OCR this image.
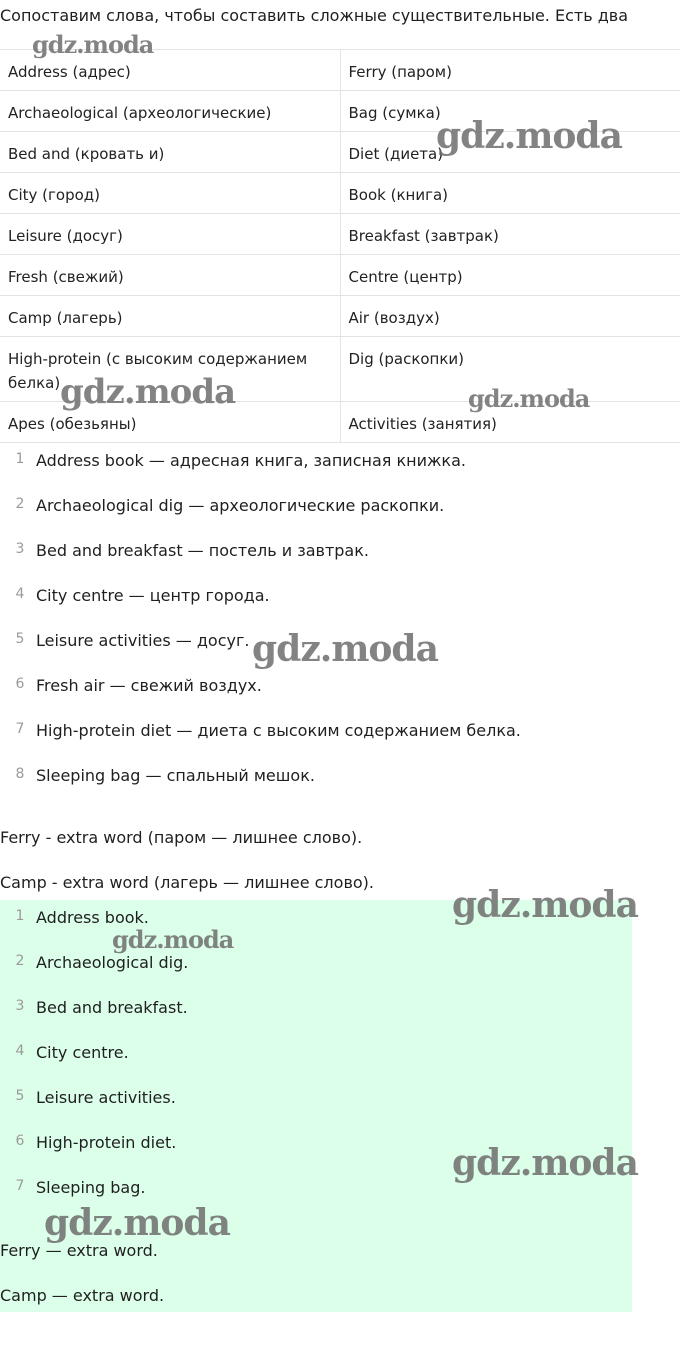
Сопоставим слова, чтобы составить сложные существительные. Есть два
Address (адрес)	Ferry (паром)
Archaeological (археологические)	Bag (сумка)
Bed and (кровать и)	Diet (диета)
City (город)	Book (книга)
Leisure (досуг)	Breakfast (завтрак)
Fresh (свежий)	Centre (центр)
Camp (лагерь)	Air (воздух)
High-protein (с высоким содержанием белка)	Dig (раскопки)
Apes (обезьяны)	Activities (занятия)
1 Address book — адресная книга, записная книжка.
2 Archaeological dig — археологические раскопки.
3 Bed and breakfast — постель и завтрак.
4 City centre — центр города.
5 Leisure activities — досуг.
6 Fresh air — свежий воздух.
7 High-protein diet — диета с высоким содержанием белка.
8 Sleeping bag — спальный мешок.
Ferry - extra word (паром — лишнее слово).
Camp - extra word (лагерь — лишнее слово).
1 Address book.
2 Archaeological dig.
3 Bed and breakfast.
4 City centre.
5 Leisure activities.
6 High-protein diet.
7 Sleeping bag.
Ferry — extra word.
Camp — extra word.
gdz.moda
gdz.moda
gdz.moda	gdz.moda
gdz.moda
gdz.moda
gdz.moda
gdz.moda
gdz.moda
